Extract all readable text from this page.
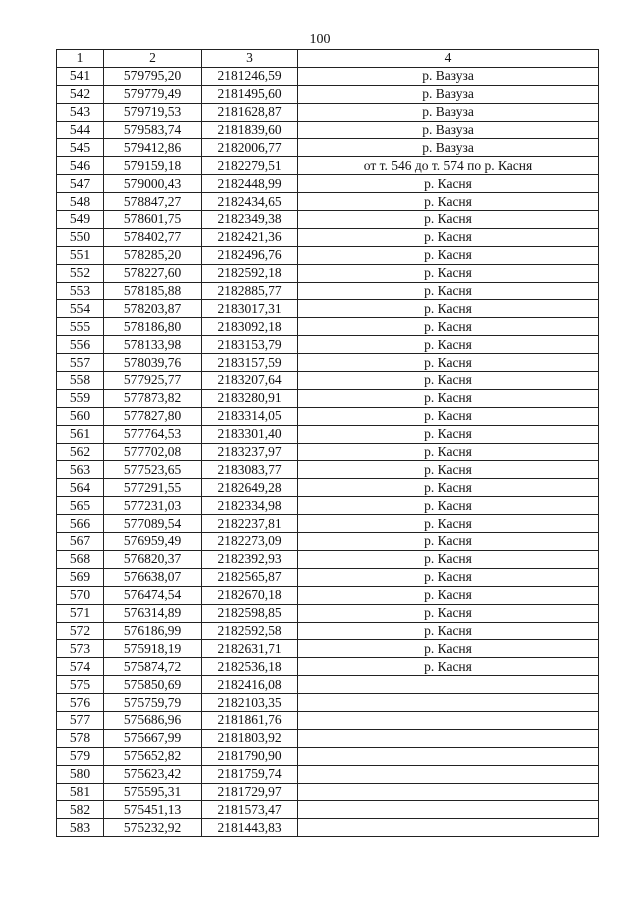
100
1	2	3	4
541	579795,20	2181246,59	р. Вазуза
542	579779,49	2181495,60	р. Вазуза
543	579719,53	2181628,87	р. Вазуза
544	579583,74	2181839,60	р. Вазуза
545	579412,86	2182006,77	р. Вазуза
546	579159,18	2182279,51	от т. 546 до т. 574 по р. Касня
547	579000,43	2182448,99	р. Касня
548	578847,27	2182434,65	р. Касня
549	578601,75	2182349,38	р. Касня
550	578402,77	2182421,36	р. Касня
551	578285,20	2182496,76	р. Касня
552	578227,60	2182592,18	р. Касня
553	578185,88	2182885,77	р. Касня
554	578203,87	2183017,31	р. Касня
555	578186,80	2183092,18	р. Касня
556	578133,98	2183153,79	р. Касня
557	578039,76	2183157,59	р. Касня
558	577925,77	2183207,64	р. Касня
559	577873,82	2183280,91	р. Касня
560	577827,80	2183314,05	р. Касня
561	577764,53	2183301,40	р. Касня
562	577702,08	2183237,97	р. Касня
563	577523,65	2183083,77	р. Касня
564	577291,55	2182649,28	р. Касня
565	577231,03	2182334,98	р. Касня
566	577089,54	2182237,81	р. Касня
567	576959,49	2182273,09	р. Касня
568	576820,37	2182392,93	р. Касня
569	576638,07	2182565,87	р. Касня
570	576474,54	2182670,18	р. Касня
571	576314,89	2182598,85	р. Касня
572	576186,99	2182592,58	р. Касня
573	575918,19	2182631,71	р. Касня
574	575874,72	2182536,18	р. Касня
575	575850,69	2182416,08	
576	575759,79	2182103,35	
577	575686,96	2181861,76	
578	575667,99	2181803,92	
579	575652,82	2181790,90	
580	575623,42	2181759,74	
581	575595,31	2181729,97	
582	575451,13	2181573,47	
583	575232,92	2181443,83	
